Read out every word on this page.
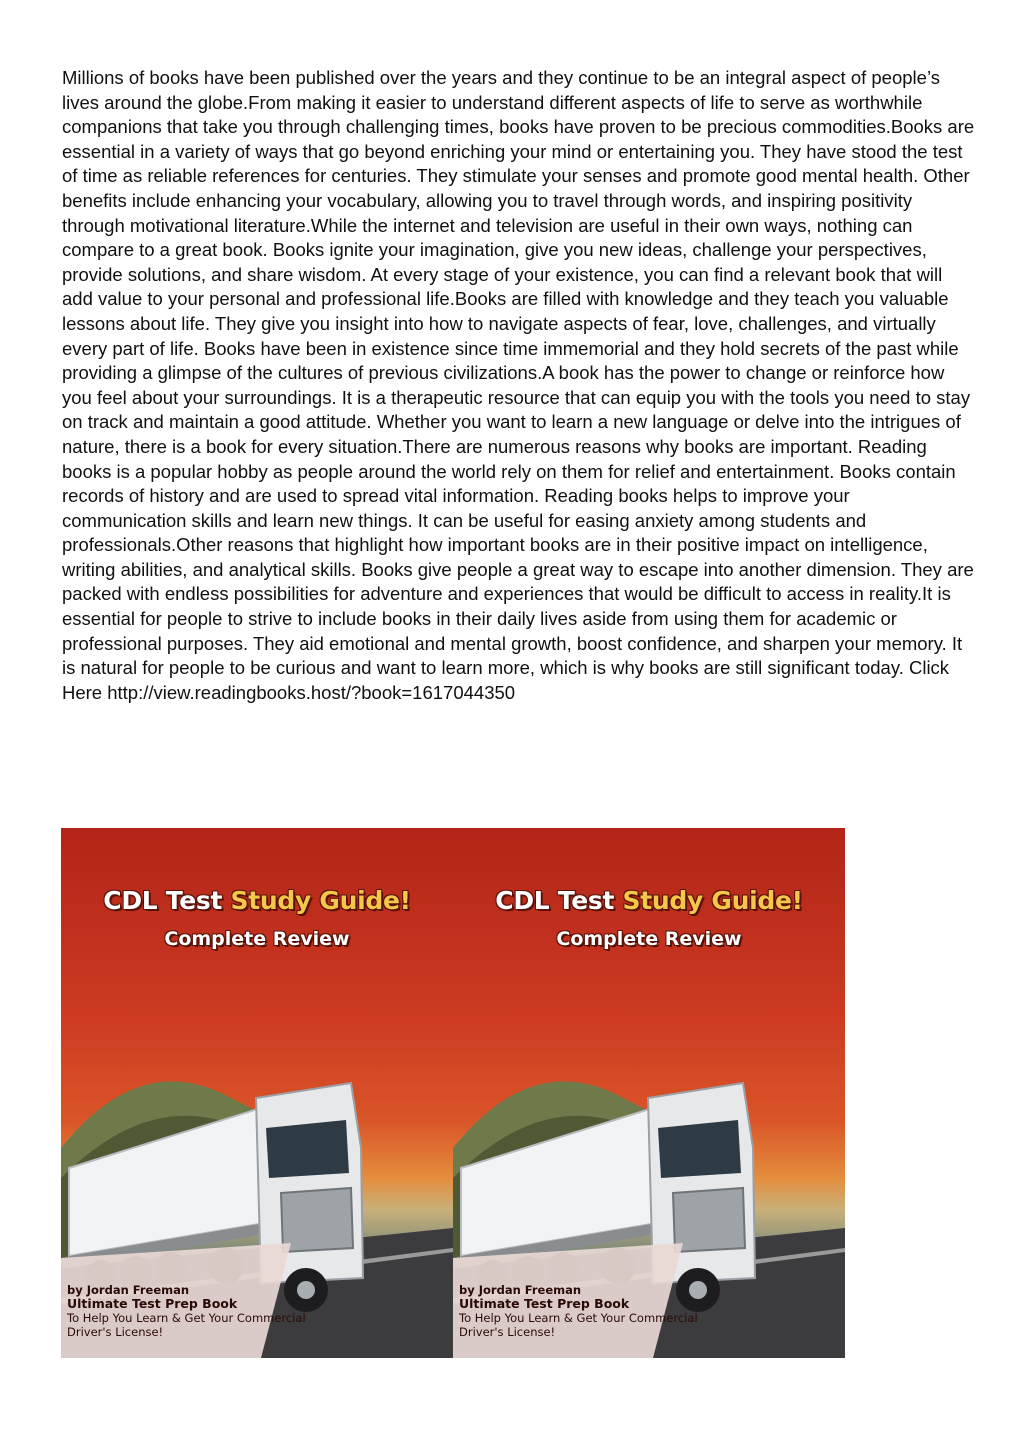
Millions of books have been published over the years and they continue to be an integral aspect of people’s lives around the globe.From making it easier to understand different aspects of life to serve as worthwhile companions that take you through challenging times, books have proven to be precious commodities.Books are essential in a variety of ways that go beyond enriching your mind or entertaining you. They have stood the test of time as reliable references for centuries. They stimulate your senses and promote good mental health. Other benefits include enhancing your vocabulary, allowing you to travel through words, and inspiring positivity through motivational literature.While the internet and television are useful in their own ways, nothing can compare to a great book. Books ignite your imagination, give you new ideas, challenge your perspectives, provide solutions, and share wisdom. At every stage of your existence, you can find a relevant book that will add value to your personal and professional life.Books are filled with knowledge and they teach you valuable lessons about life. They give you insight into how to navigate aspects of fear, love, challenges, and virtually every part of life. Books have been in existence since time immemorial and they hold secrets of the past while providing a glimpse of the cultures of previous civilizations.A book has the power to change or reinforce how you feel about your surroundings. It is a therapeutic resource that can equip you with the tools you need to stay on track and maintain a good attitude. Whether you want to learn a new language or delve into the intrigues of nature, there is a book for every situation.There are numerous reasons why books are important. Reading books is a popular hobby as people around the world rely on them for relief and entertainment. Books contain records of history and are used to spread vital information. Reading books helps to improve your communication skills and learn new things. It can be useful for easing anxiety among students and professionals.Other reasons that highlight how important books are in their positive impact on intelligence, writing abilities, and analytical skills. Books give people a great way to escape into another dimension. They are packed with endless possibilities for adventure and experiences that would be difficult to access in reality.It is essential for people to strive to include books in their daily lives aside from using them for academic or professional purposes. They aid emotional and mental growth, boost confidence, and sharpen your memory. It is natural for people to be curious and want to learn more, which is why books are still significant today. Click Here http://view.readingbooks.host/?book=1617044350

CDL Test Study Guide!
Complete Review
by Jordan Freeman
Ultimate Test Prep Book
To Help You Learn & Get Your Commercial
Driver's License!
CDL Test Study Guide!
Complete Review
by Jordan Freeman
Ultimate Test Prep Book
To Help You Learn & Get Your Commercial
Driver's License!
